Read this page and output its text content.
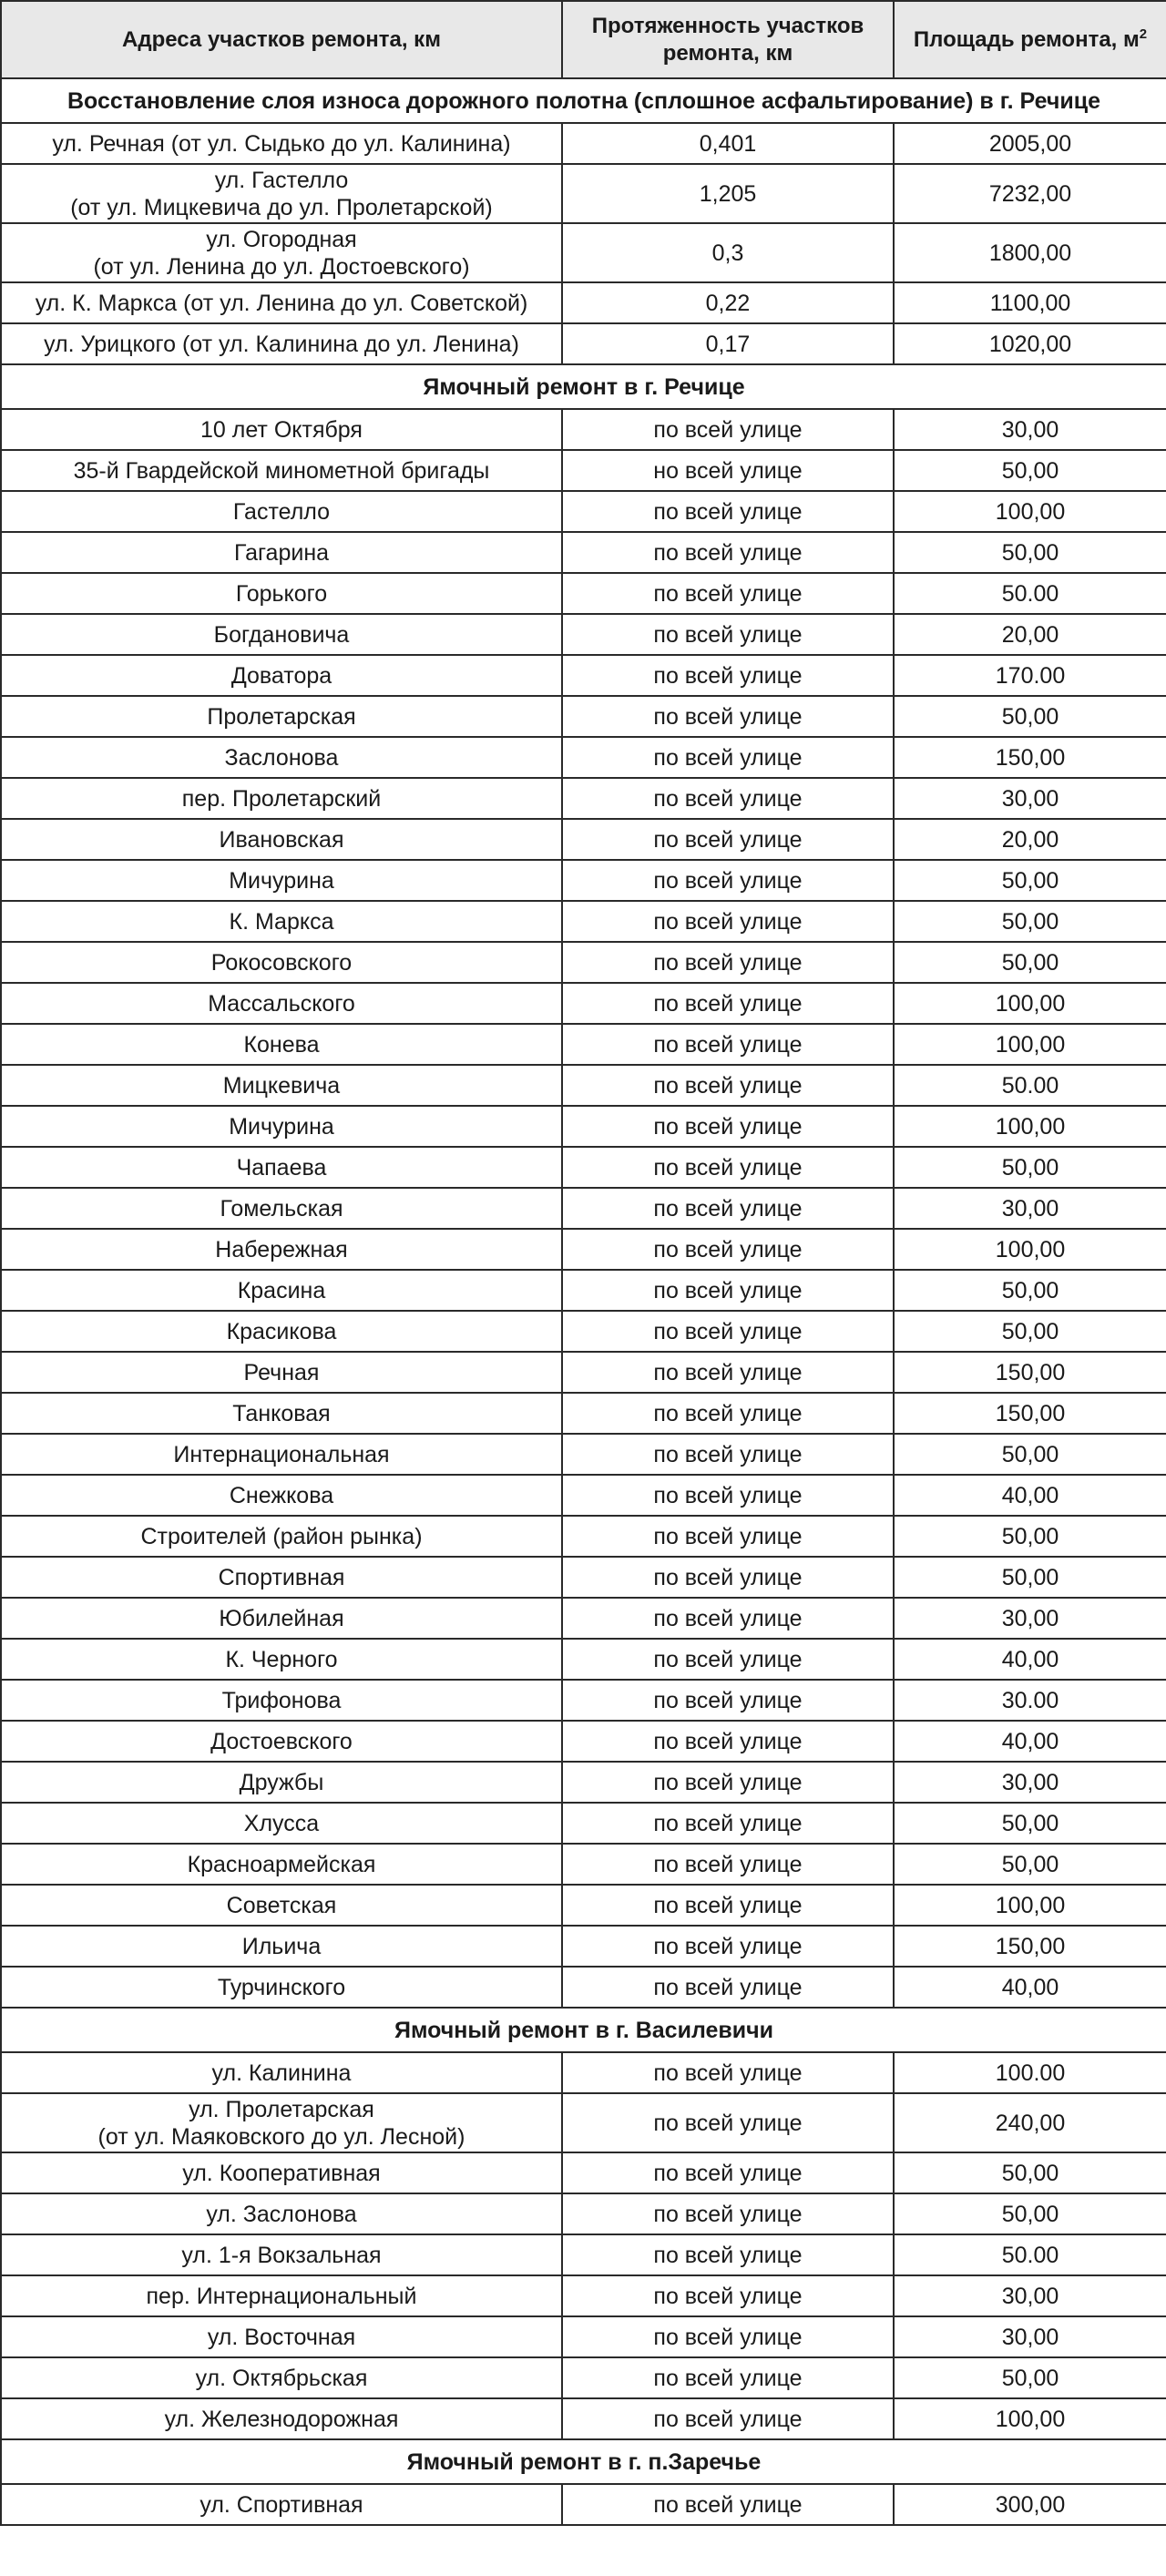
Адреса участков ремонта, км	Протяженность участков ремонта, км	Площадь ремонта, $м^2$
Восстановление слоя износа дорожного полотна (сплошное асфальтирование) в г. Речице		
ул. Речная (от ул. Сыдько до ул. Калинина)	0,401	2005,00
ул. Гастелло
(от ул. Мицкевича до ул. Пролетарской)	1,205	7232,00
ул. Огородная
(от ул. Ленина до ул. Достоевского)	0,3	1800,00
ул. К. Маркса (от ул. Ленина до ул. Советской)	0,22	1100,00
ул. Урицкого (от ул. Калинина до ул. Ленина)	0,17	1020,00
Ямочный ремонт в г. Речице		
10 лет Октября	по всей улице	30,00
35-й Гвардейской минометной бригады	но всей улице	50,00
Гастелло	по всей улице	100,00
Гагарина	по всей улице	50,00
Горького	по всей улице	50.00
Богдановича	по всей улице	20,00
Доватора	по всей улице	170.00
Пролетарская	по всей улице	50,00
Заслонова	по всей улице	150,00
пер. Пролетарский	по всей улице	30,00
Ивановская	по всей улице	20,00
Мичурина	по всей улице	50,00
К. Маркса	по всей улице	50,00
Рокосовского	по всей улице	50,00
Массальского	по всей улице	100,00
Конева	по всей улице	100,00
Мицкевича	по всей улице	50.00
Мичурина	по всей улице	100,00
Чапаева	по всей улице	50,00
Гомельская	по всей улице	30,00
Набережная	по всей улице	100,00
Красина	по всей улице	50,00
Красикова	по всей улице	50,00
Речная	по всей улице	150,00
Танковая	по всей улице	150,00
Интернациональная	по всей улице	50,00
Снежкова	по всей улице	40,00
Строителей (район рынка)	по всей улице	50,00
Спортивная	по всей улице	50,00
Юбилейная	по всей улице	30,00
К. Черного	по всей улице	40,00
Трифонова	по всей улице	30.00
Достоевского	по всей улице	40,00
Дружбы	по всей улице	30,00
Хлусса	по всей улице	50,00
Красноармейская	по всей улице	50,00
Советская	по всей улице	100,00
Ильича	по всей улице	150,00
Турчинского	по всей улице	40,00
Ямочный ремонт в г. Василевичи		
ул. Калинина	по всей улице	100.00
ул. Пролетарская
(от ул. Маяковского до ул. Лесной)	по всей улице	240,00
ул. Кооперативная	по всей улице	50,00
ул. Заслонова	по всей улице	50,00
ул. 1-я Вокзальная	по всей улице	50.00
пер. Интернациональный	по всей улице	30,00
ул. Восточная	по всей улице	30,00
ул. Октябрьская	по всей улице	50,00
ул. Железнодорожная	по всей улице	100,00
Ямочный ремонт в г. п.Заречье		
ул. Спортивная	по всей улице	300,00
